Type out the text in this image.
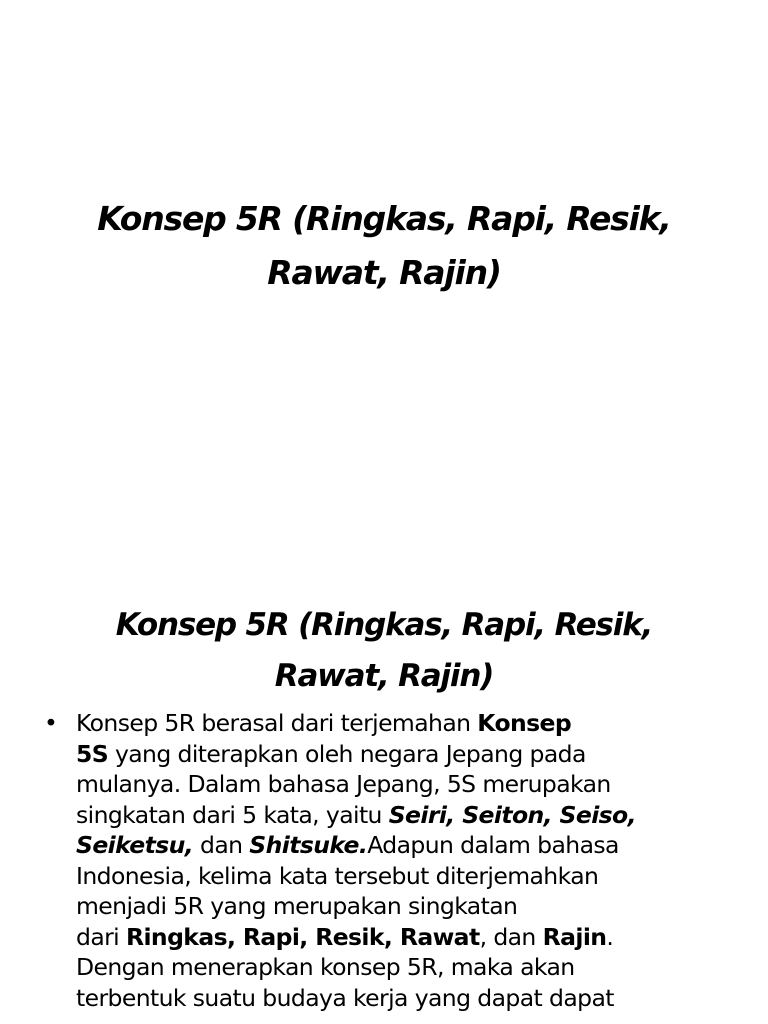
Konsep 5R (Ringkas, Rapi, Resik,
Rawat, Rajin)
Konsep 5R (Ringkas, Rapi, Resik,
Rawat, Rajin)
• Konsep 5R berasal dari terjemahan Konsep
5S yang diterapkan oleh negara Jepang pada
mulanya. Dalam bahasa Jepang, 5S merupakan
singkatan dari 5 kata, yaitu Seiri, Seiton, Seiso,
Seiketsu, dan Shitsuke.Adapun dalam bahasa
Indonesia, kelima kata tersebut diterjemahkan
menjadi 5R yang merupakan singkatan
dari Ringkas, Rapi, Resik, Rawat, dan Rajin.
Dengan menerapkan konsep 5R, maka akan
terbentuk suatu budaya kerja yang dapat dapat
